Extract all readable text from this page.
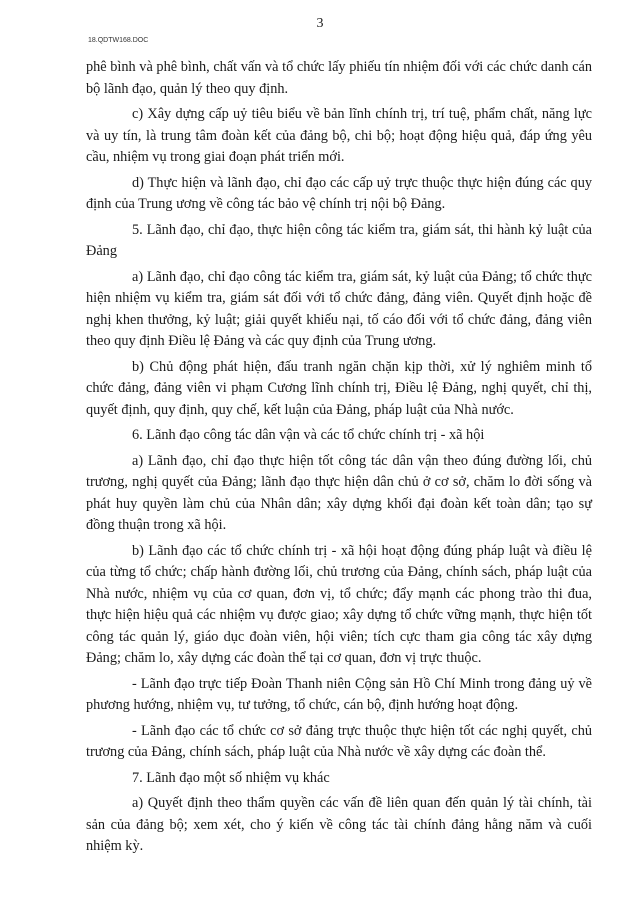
18.QDTW168.DOC
3

phê bình và phê bình, chất vấn và tổ chức lấy phiếu tín nhiệm đối với các chức danh cán bộ lãnh đạo, quản lý theo quy định.

c) Xây dựng cấp uỷ tiêu biểu về bản lĩnh chính trị, trí tuệ, phẩm chất, năng lực và uy tín, là trung tâm đoàn kết của đảng bộ, chi bộ; hoạt động hiệu quả, đáp ứng yêu cầu, nhiệm vụ trong giai đoạn phát triển mới.

d) Thực hiện và lãnh đạo, chỉ đạo các cấp uỷ trực thuộc thực hiện đúng các quy định của Trung ương về công tác bảo vệ chính trị nội bộ Đảng.

5. Lãnh đạo, chỉ đạo, thực hiện công tác kiểm tra, giám sát, thi hành kỷ luật của Đảng

a) Lãnh đạo, chỉ đạo công tác kiểm tra, giám sát, kỷ luật của Đảng; tổ chức thực hiện nhiệm vụ kiểm tra, giám sát đối với tổ chức đảng, đảng viên. Quyết định hoặc đề nghị khen thưởng, kỷ luật; giải quyết khiếu nại, tố cáo đối với tổ chức đảng, đảng viên theo quy định Điều lệ Đảng và các quy định của Trung ương.

b) Chủ động phát hiện, đấu tranh ngăn chặn kịp thời, xử lý nghiêm minh tổ chức đảng, đảng viên vi phạm Cương lĩnh chính trị, Điều lệ Đảng, nghị quyết, chỉ thị, quyết định, quy định, quy chế, kết luận của Đảng, pháp luật của Nhà nước.

6. Lãnh đạo công tác dân vận và các tổ chức chính trị - xã hội

a) Lãnh đạo, chỉ đạo thực hiện tốt công tác dân vận theo đúng đường lối, chủ trương, nghị quyết của Đảng; lãnh đạo thực hiện dân chủ ở cơ sở, chăm lo đời sống và phát huy quyền làm chủ của Nhân dân; xây dựng khối đại đoàn kết toàn dân; tạo sự đồng thuận trong xã hội.

b) Lãnh đạo các tổ chức chính trị - xã hội hoạt động đúng pháp luật và điều lệ của từng tổ chức; chấp hành đường lối, chủ trương của Đảng, chính sách, pháp luật của Nhà nước, nhiệm vụ của cơ quan, đơn vị, tổ chức; đẩy mạnh các phong trào thi đua, thực hiện hiệu quả các nhiệm vụ được giao; xây dựng tổ chức vững mạnh, thực hiện tốt công tác quản lý, giáo dục đoàn viên, hội viên; tích cực tham gia công tác xây dựng Đảng; chăm lo, xây dựng các đoàn thể tại cơ quan, đơn vị trực thuộc.

- Lãnh đạo trực tiếp Đoàn Thanh niên Cộng sản Hồ Chí Minh trong đảng uỷ về phương hướng, nhiệm vụ, tư tưởng, tổ chức, cán bộ, định hướng hoạt động.

- Lãnh đạo các tổ chức cơ sở đảng trực thuộc thực hiện tốt các nghị quyết, chủ trương của Đảng, chính sách, pháp luật của Nhà nước về xây dựng các đoàn thể.

7. Lãnh đạo một số nhiệm vụ khác

a) Quyết định theo thẩm quyền các vấn đề liên quan đến quản lý tài chính, tài sản của đảng bộ; xem xét, cho ý kiến về công tác tài chính đảng hằng năm và cuối nhiệm kỳ.
